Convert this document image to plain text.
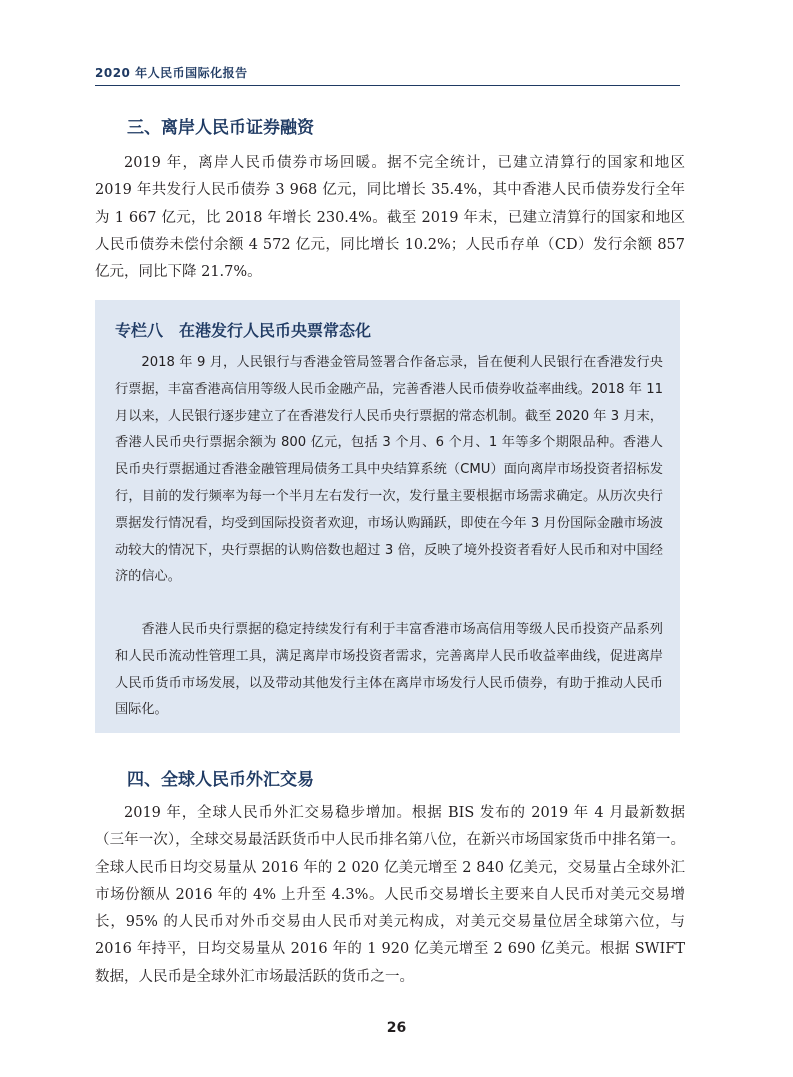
2020 年人民币国际化报告
三、离岸人民币证券融资

2019 年，离岸人民币债券市场回暖。据不完全统计，已建立清算行的国家和地区 2019 年共发行人民币债券 3 968 亿元，同比增长 35.4%，其中香港人民币债券发行全年为 1 667 亿元，比 2018 年增长 230.4%。截至 2019 年末，已建立清算行的国家和地区人民币债券未偿付余额 4 572 亿元，同比增长 10.2%；人民币存单（CD）发行余额 857 亿元，同比下降 21.7%。

专栏八　在港发行人民币央票常态化

2018 年 9 月，人民银行与香港金管局签署合作备忘录，旨在便利人民银行在香港发行央行票据，丰富香港高信用等级人民币金融产品，完善香港人民币债券收益率曲线。2018 年 11 月以来，人民银行逐步建立了在香港发行人民币央行票据的常态机制。截至 2020 年 3 月末，香港人民币央行票据余额为 800 亿元，包括 3 个月、6 个月、1 年等多个期限品种。香港人民币央行票据通过香港金融管理局债务工具中央结算系统（CMU）面向离岸市场投资者招标发行，目前的发行频率为每一个半月左右发行一次，发行量主要根据市场需求确定。从历次央行票据发行情况看，均受到国际投资者欢迎，市场认购踊跃，即使在今年 3 月份国际金融市场波动较大的情况下，央行票据的认购倍数也超过 3 倍，反映了境外投资者看好人民币和对中国经济的信心。

香港人民币央行票据的稳定持续发行有利于丰富香港市场高信用等级人民币投资产品系列和人民币流动性管理工具，满足离岸市场投资者需求，完善离岸人民币收益率曲线，促进离岸人民币货币市场发展，以及带动其他发行主体在离岸市场发行人民币债券，有助于推动人民币国际化。

四、全球人民币外汇交易

2019 年，全球人民币外汇交易稳步增加。根据 BIS 发布的 2019 年 4 月最新数据（三年一次），全球交易最活跃货币中人民币排名第八位，在新兴市场国家货币中排名第一。全球人民币日均交易量从 2016 年的 2 020 亿美元增至 2 840 亿美元，交易量占全球外汇市场份额从 2016 年的 4% 上升至 4.3%。人民币交易增长主要来自人民币对美元交易增长，95% 的人民币对外币交易由人民币对美元构成，对美元交易量位居全球第六位，与 2016 年持平，日均交易量从 2016 年的 1 920 亿美元增至 2 690 亿美元。根据 SWIFT 数据，人民币是全球外汇市场最活跃的货币之一。

26
